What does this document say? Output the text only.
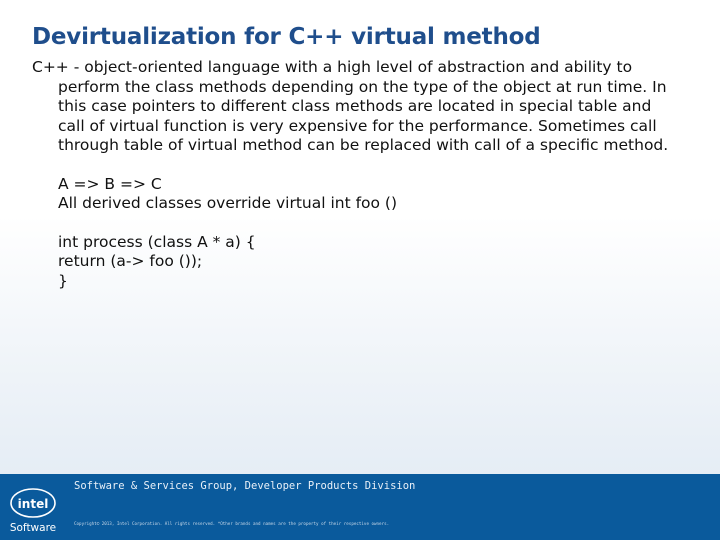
Devirtualization for C++ virtual method

C++ - object-oriented language with a high level of abstraction and ability to perform the class methods depending on the type of the object at run time. In this case pointers to different class methods are located in special table and call of virtual function is very expensive for the performance. Sometimes call through table of virtual method can be replaced with call of a specific method.

A => B => C
All derived classes override virtual int foo ()
int process (class A * a) {
return (a-> foo ());
}
intel
Software
Software & Services Group, Developer Products Division
Copyright© 2013, Intel Corporation. All rights reserved. *Other brands and names are the property of their respective owners.
